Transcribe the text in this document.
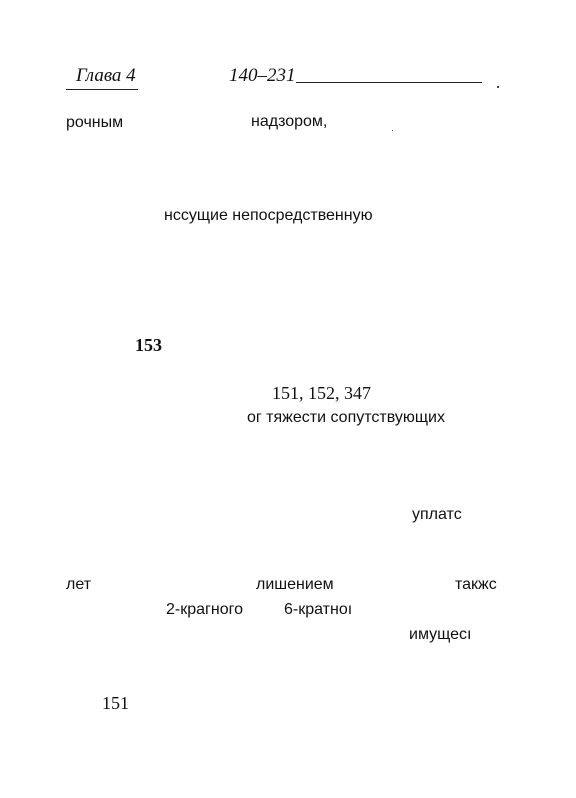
Глава 4	140–231
рочным	надзором,
нссущие непосредственную
153
151, 152, 347
ог тяжести сопутствующих
уплатс
лет	лишением	такжс
2-крагного	6-кратноı
имущесı
151
